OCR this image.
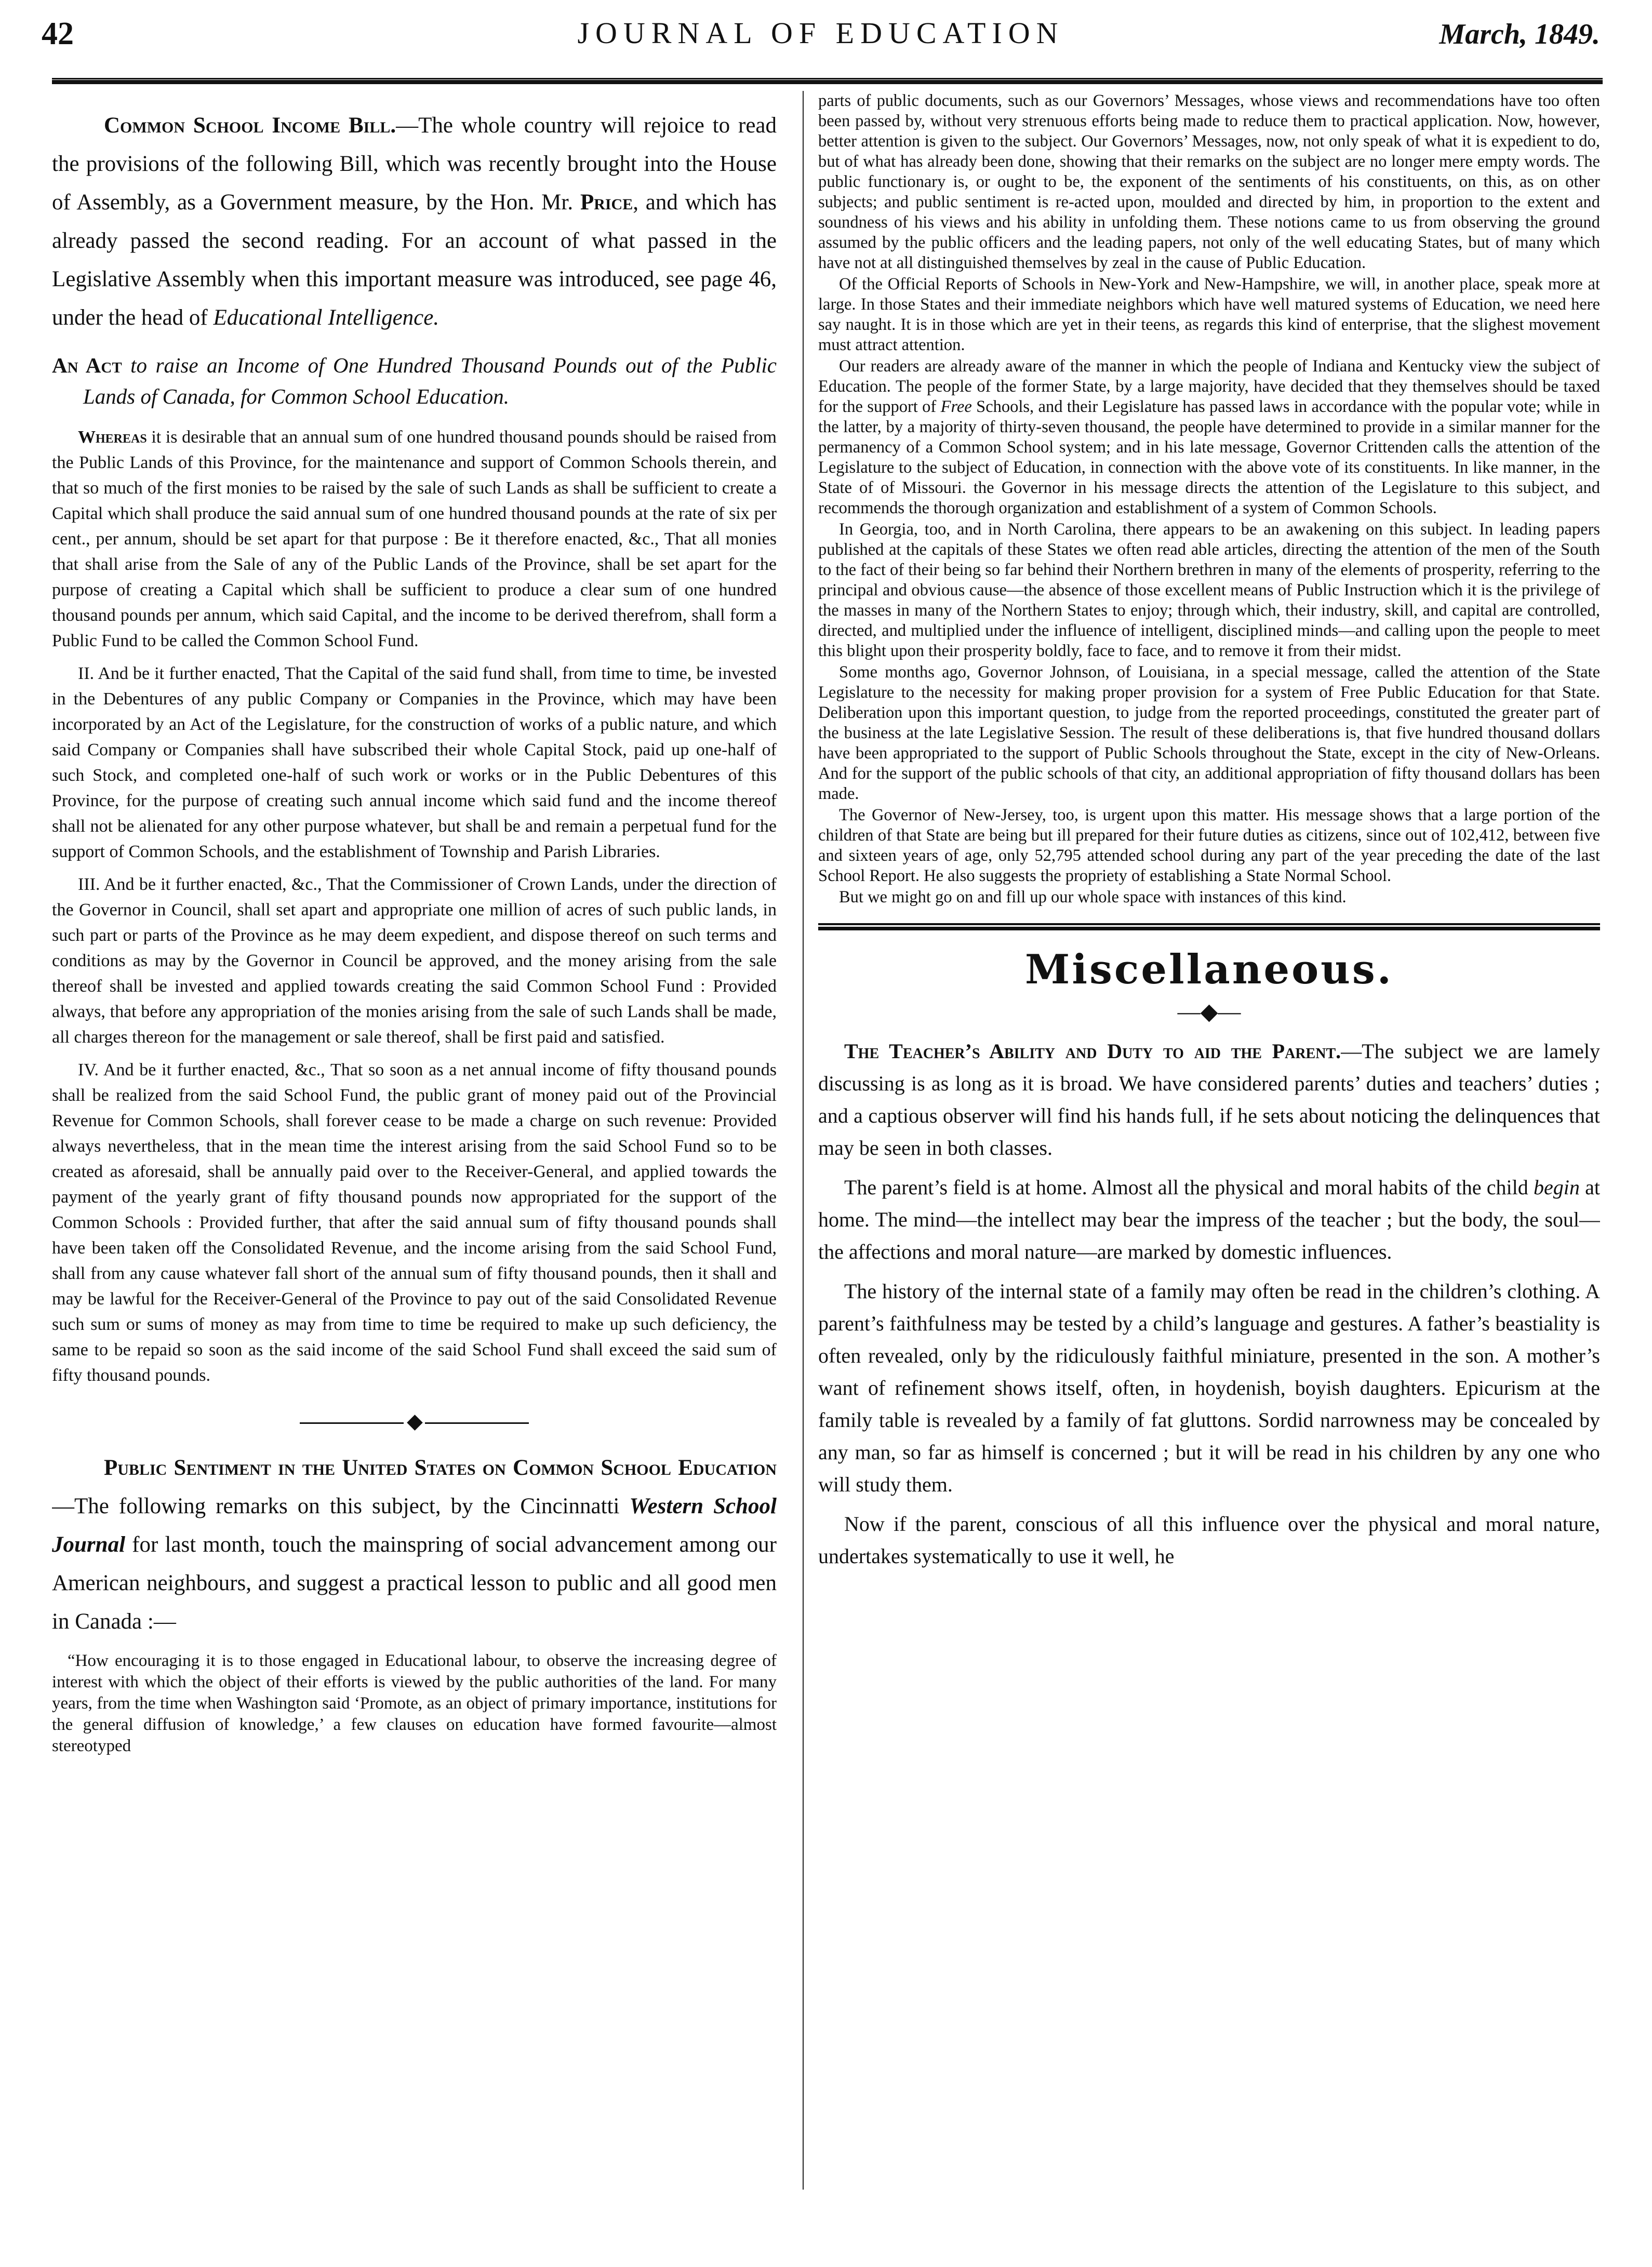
42	JOURNAL OF EDUCATION	March, 1849.

Common School Income Bill.—The whole country will rejoice to read the provisions of the following Bill, which was recently brought into the House of Assembly, as a Government measure, by the Hon. Mr. Price, and which has already passed the second reading. For an account of what passed in the Legislative Assembly when this important measure was introduced, see page 46, under the head of Educational Intelligence.

An Act to raise an Income of One Hundred Thousand Pounds out of the Public Lands of Canada, for Common School Education.

Whereas it is desirable that an annual sum of one hundred thousand pounds should be raised from the Public Lands of this Province, for the maintenance and support of Common Schools therein, and that so much of the first monies to be raised by the sale of such Lands as shall be sufficient to create a Capital which shall produce the said annual sum of one hundred thousand pounds at the rate of six per cent., per annum, should be set apart for that purpose : Be it therefore enacted, &c., That all monies that shall arise from the Sale of any of the Public Lands of the Province, shall be set apart for the purpose of creating a Capital which shall be sufficient to produce a clear sum of one hundred thousand pounds per annum, which said Capital, and the income to be derived therefrom, shall form a Public Fund to be called the Common School Fund.

II. And be it further enacted, That the Capital of the said fund shall, from time to time, be invested in the Debentures of any public Company or Companies in the Province, which may have been incorporated by an Act of the Legislature, for the construction of works of a public nature, and which said Company or Companies shall have subscribed their whole Capital Stock, paid up one-half of such Stock, and completed one-half of such work or works or in the Public Debentures of this Province, for the purpose of creating such annual income which said fund and the income thereof shall not be alienated for any other purpose whatever, but shall be and remain a perpetual fund for the support of Common Schools, and the establishment of Township and Parish Libraries.

III. And be it further enacted, &c., That the Commissioner of Crown Lands, under the direction of the Governor in Council, shall set apart and appropriate one million of acres of such public lands, in such part or parts of the Province as he may deem expedient, and dispose thereof on such terms and conditions as may by the Governor in Council be approved, and the money arising from the sale thereof shall be invested and applied towards creating the said Common School Fund : Provided always, that before any appropriation of the monies arising from the sale of such Lands shall be made, all charges thereon for the management or sale thereof, shall be first paid and satisfied.

IV. And be it further enacted, &c., That so soon as a net annual income of fifty thousand pounds shall be realized from the said School Fund, the public grant of money paid out of the Provincial Revenue for Common Schools, shall forever cease to be made a charge on such revenue: Provided always nevertheless, that in the mean time the interest arising from the said School Fund so to be created as aforesaid, shall be annually paid over to the Receiver-General, and applied towards the payment of the yearly grant of fifty thousand pounds now appropriated for the support of the Common Schools : Provided further, that after the said annual sum of fifty thousand pounds shall have been taken off the Consolidated Revenue, and the income arising from the said School Fund, shall from any cause whatever fall short of the annual sum of fifty thousand pounds, then it shall and may be lawful for the Receiver-General of the Province to pay out of the said Consolidated Revenue such sum or sums of money as may from time to time be required to make up such deficiency, the same to be repaid so soon as the said income of the said School Fund shall exceed the said sum of fifty thousand pounds.

◆

Public Sentiment in the United States on Common School Education—The following remarks on this subject, by the Cincinnatti Western School Journal for last month, touch the mainspring of social advancement among our American neighbours, and suggest a practical lesson to public and all good men in Canada :—

“How encouraging it is to those engaged in Educational labour, to observe the increasing degree of interest with which the object of their efforts is viewed by the public authorities of the land. For many years, from the time when Washington said ‘Promote, as an object of primary importance, institutions for the general diffusion of knowledge,’ a few clauses on education have formed favourite—almost stereotyped

parts of public documents, such as our Governors’ Messages, whose views and recommendations have too often been passed by, without very strenuous efforts being made to reduce them to practical application. Now, however, better attention is given to the subject. Our Governors’ Messages, now, not only speak of what it is expedient to do, but of what has already been done, showing that their remarks on the subject are no longer mere empty words. The public functionary is, or ought to be, the exponent of the sentiments of his constituents, on this, as on other subjects; and public sentiment is re-acted upon, moulded and directed by him, in proportion to the extent and soundness of his views and his ability in unfolding them. These notions came to us from observing the ground assumed by the public officers and the leading papers, not only of the well educating States, but of many which have not at all distinguished themselves by zeal in the cause of Public Education.

Of the Official Reports of Schools in New-York and New-Hampshire, we will, in another place, speak more at large. In those States and their immediate neighbors which have well matured systems of Education, we need here say naught. It is in those which are yet in their teens, as regards this kind of enterprise, that the slighest movement must attract attention.

Our readers are already aware of the manner in which the people of Indiana and Kentucky view the subject of Education. The people of the former State, by a large majority, have decided that they themselves should be taxed for the support of Free Schools, and their Legislature has passed laws in accordance with the popular vote; while in the latter, by a majority of thirty-seven thousand, the people have determined to provide in a similar manner for the permanency of a Common School system; and in his late message, Governor Crittenden calls the attention of the Legislature to the subject of Education, in connection with the above vote of its constituents. In like manner, in the State of of Missouri. the Governor in his message directs the attention of the Legislature to this subject, and recommends the thorough organization and establishment of a system of Common Schools.

In Georgia, too, and in North Carolina, there appears to be an awakening on this subject. In leading papers published at the capitals of these States we often read able articles, directing the attention of the men of the South to the fact of their being so far behind their Northern brethren in many of the elements of prosperity, referring to the principal and obvious cause—the absence of those excellent means of Public Instruction which it is the privilege of the masses in many of the Northern States to enjoy; through which, their industry, skill, and capital are controlled, directed, and multiplied under the influence of intelligent, disciplined minds—and calling upon the people to meet this blight upon their prosperity boldly, face to face, and to remove it from their midst.

Some months ago, Governor Johnson, of Louisiana, in a special message, called the attention of the State Legislature to the necessity for making proper provision for a system of Free Public Education for that State. Deliberation upon this important question, to judge from the reported proceedings, constituted the greater part of the business at the late Legislative Session. The result of these deliberations is, that five hundred thousand dollars have been appropriated to the support of Public Schools throughout the State, except in the city of New-Orleans. And for the support of the public schools of that city, an additional appropriation of fifty thousand dollars has been made.

The Governor of New-Jersey, too, is urgent upon this matter. His message shows that a large portion of the children of that State are being but ill prepared for their future duties as citizens, since out of 102,412, between five and sixteen years of age, only 52,795 attended school during any part of the year preceding the date of the last School Report. He also suggests the propriety of establishing a State Normal School.

But we might go on and fill up our whole space with instances of this kind.

Miscellaneous.
—◆—

The Teacher’s Ability and Duty to aid the Parent.—The subject we are lamely discussing is as long as it is broad. We have considered parents’ duties and teachers’ duties ; and a captious observer will find his hands full, if he sets about noticing the delinquences that may be seen in both classes.

The parent’s field is at home. Almost all the physical and moral habits of the child begin at home. The mind—the intellect may bear the impress of the teacher ; but the body, the soul—the affections and moral nature—are marked by domestic influences.

The history of the internal state of a family may often be read in the children’s clothing. A parent’s faithfulness may be tested by a child’s language and gestures. A father’s beastiality is often revealed, only by the ridiculously faithful miniature, presented in the son. A mother’s want of refinement shows itself, often, in hoydenish, boyish daughters. Epicurism at the family table is revealed by a family of fat gluttons. Sordid narrowness may be concealed by any man, so far as himself is concerned ; but it will be read in his children by any one who will study them.

Now if the parent, conscious of all this influence over the physical and moral nature, undertakes systematically to use it well, he
